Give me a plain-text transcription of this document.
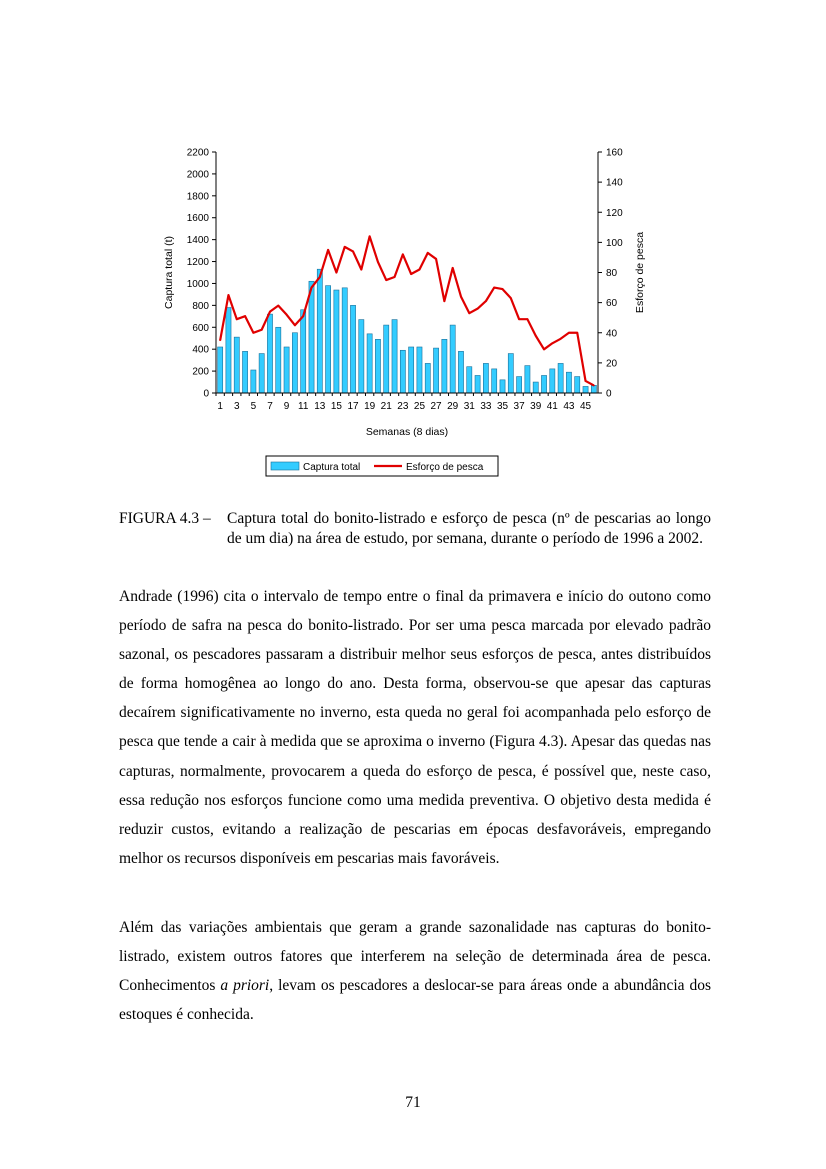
0
200
400
600
800
1000
1200
1400
1600
1800
2000
2200
0
20
40
60
80
100
120
140
160
1 3 5 7 9 11 13 15 17 19 21 23 25 27 29 31 33 35 37 39 41 43 45
Semanas (8 dias)
Captura total (t)	Esforço de pesca
Captura total	Esforço de pesca
FIGURA 4.3 – Captura total do bonito-listrado e esforço de pesca (nº de pescarias ao longo de um dia) na área de estudo, por semana, durante o período de 1996 a 2002.
Andrade (1996) cita o intervalo de tempo entre o final da primavera e início do outono como período de safra na pesca do bonito-listrado. Por ser uma pesca marcada por elevado padrão sazonal, os pescadores passaram a distribuir melhor seus esforços de pesca, antes distribuídos de forma homogênea ao longo do ano. Desta forma, observou-se que apesar das capturas decaírem significativamente no inverno, esta queda no geral foi acompanhada pelo esforço de pesca que tende a cair à medida que se aproxima o inverno (Figura 4.3). Apesar das quedas nas capturas, normalmente, provocarem a queda do esforço de pesca, é possível que, neste caso, essa redução nos esforços funcione como uma medida preventiva. O objetivo desta medida é reduzir custos, evitando a realização de pescarias em épocas desfavoráveis, empregando melhor os recursos disponíveis em pescarias mais favoráveis.
Além das variações ambientais que geram a grande sazonalidade nas capturas do bonito-listrado, existem outros fatores que interferem na seleção de determinada área de pesca. Conhecimentos a priori, levam os pescadores a deslocar-se para áreas onde a abundância dos estoques é conhecida.
71
